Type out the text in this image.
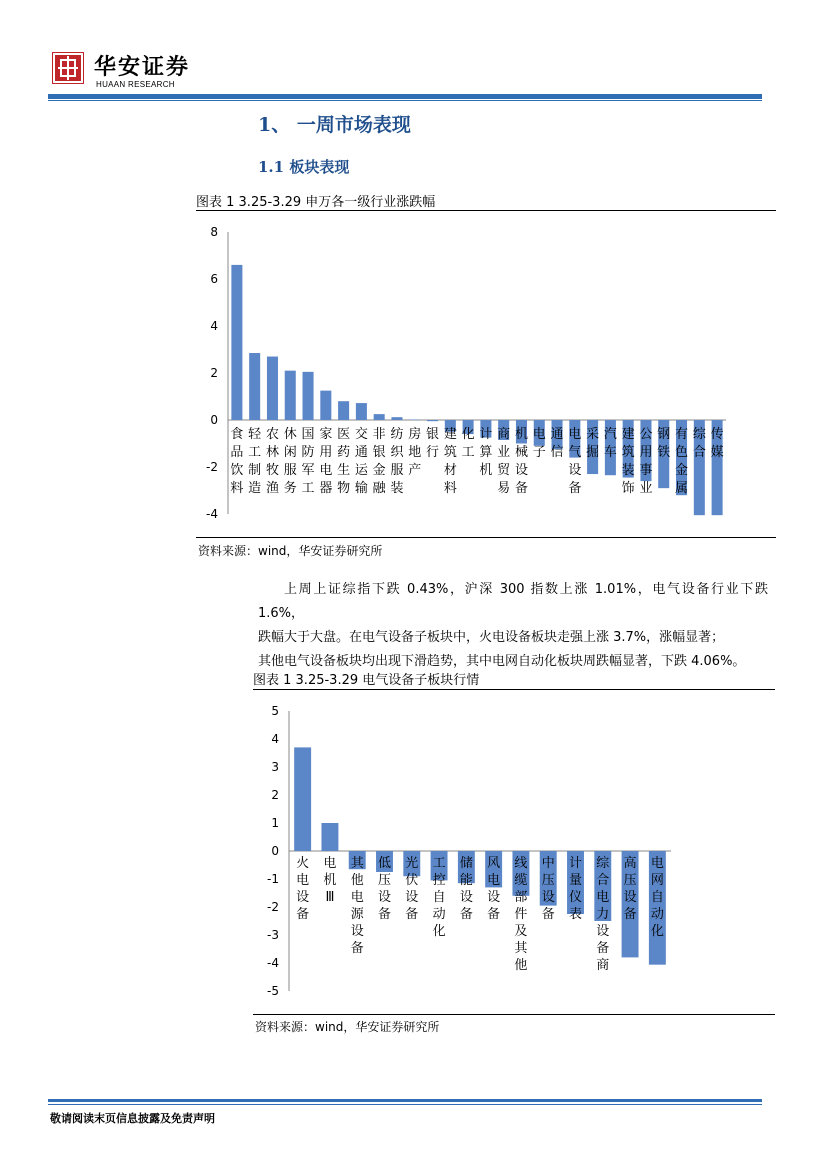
华安证券
HUAAN RESEARCH
1、 一周市场表现
1.1 板块表现
图表 1 3.25-3.29 申万各一级行业涨跌幅
8
6
4
2
0
-2
-4
食品饮料
轻工制造
农林牧渔
休闲服务
国防军工
家用电器
医药生物
交通运输
非银金融
纺织服装
房地产
银行
建筑材料
化工
计算机
商业贸易
机械设备
电子
通信
电气设备
采掘
汽车
建筑装饰
公用事业
钢铁
有色金属
综合
传媒
资料来源：wind，华安证券研究所
上周上证综指下跌 0.43%，沪深 300 指数上涨 1.01%，电气设备行业下跌 1.6%，
跌幅大于大盘。在电气设备子板块中，火电设备板块走强上涨 3.7%，涨幅显著；
其他电气设备板块均出现下滑趋势，其中电网自动化板块周跌幅显著，下跌 4.06%。
图表 1 3.25-3.29 电气设备子板块行情
5
4
3
2
1
0
-1
-2
-3
-4
-5
火电设备
电机 Ⅲ
其他电源设备
低压设备
光伏设备
工控自动化
储能设备
风电设备
线缆部件及其他
中压设备
计量仪表
综合电力设备商
高压设备
电网自动化
资料来源：wind，华安证券研究所
敬请阅读末页信息披露及免责声明
